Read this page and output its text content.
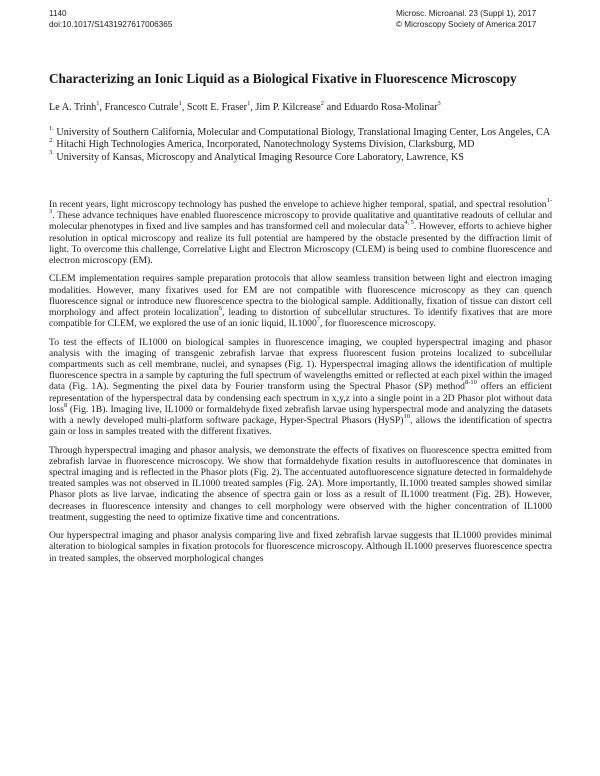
1140
doi:10.1017/S1431927617006365
Microsc. Microanal. 23 (Suppl 1), 2017
© Microscopy Society of America 2017
Characterizing an Ionic Liquid as a Biological Fixative in Fluorescence Microscopy
Le A. Trinh$^1$, Francesco Cutrale$^1$, Scott E. Fraser$^1$, Jim P. Kilcrease$^2$ and Eduardo Rosa-Molinar$^3$

$^{1.}$ University of Southern California, Molecular and Computational Biology, Translational Imaging Center, Los Angeles, CA

$^{2.}$ Hitachi High Technologies America, Incorporated, Nanotechnology Systems Division, Clarksburg, MD

$^{3.}$ University of Kansas, Microscopy and Analytical Imaging Resource Core Laboratory, Lawrence, KS

In recent years, light microscopy technology has pushed the envelope to achieve higher temporal, spatial, and spectral resolution$^{1-3}$. These advance techniques have enabled fluorescence microscopy to provide qualitative and quantitative readouts of cellular and molecular phenotypes in fixed and live samples and has transformed cell and molecular data$^{4, 5}$. However, efforts to achieve higher resolution in optical microscopy and realize its full potential are hampered by the obstacle presented by the diffraction limit of light. To overcome this challenge, Correlative Light and Electron Microscopy (CLEM) is being used to combine fluorescence and electron microscopy (EM).

CLEM implementation requires sample preparation protocols that allow seamless transition between light and electron imaging modalities. However, many fixatives used for EM are not compatible with fluorescence microscopy as they can quench fluorescence signal or introduce new fluorescence spectra to the biological sample. Additionally, fixation of tissue can distort cell morphology and affect protein localization$^6$, leading to distortion of subcellular structures. To identify fixatives that are more compatible for CLEM, we explored the use of an ionic liquid, IL1000$^7$, for fluorescence microscopy.

To test the effects of IL1000 on biological samples in fluorescence imaging, we coupled hyperspectral imaging and phasor analysis with the imaging of transgenic zebrafish larvae that express fluorescent fusion proteins localized to subcellular compartments such as cell membrane, nuclei, and synapses (Fig. 1). Hyperspectral imaging allows the identification of multiple fluorescence spectra in a sample by capturing the full spectrum of wavelengths emitted or reflected at each pixel within the imaged data (Fig. 1A). Segmenting the pixel data by Fourier transform using the Spectral Phasor (SP) method$^{8-10}$ offers an efficient representation of the hyperspectral data by condensing each spectrum in x,y,z into a single point in a 2D Phasor plot without data loss$^8$ (Fig. 1B). Imaging live, IL1000 or formaldehyde fixed zebrafish larvae using hyperspectral mode and analyzing the datasets with a newly developed multi-platform software package, Hyper-Spectral Phasors (HySP)$^{10}$, allows the identification of spectra gain or loss in samples treated with the different fixatives.

Through hyperspectral imaging and phasor analysis, we demonstrate the effects of fixatives on fluorescence spectra emitted from zebrafish larvae in fluorescence microscopy. We show that formaldehyde fixation results in autofluorescence that dominates in spectral imaging and is reflected in the Phasor plots (Fig. 2). The accentuated autofluorescence signature detected in formaldehyde treated samples was not observed in IL1000 treated samples (Fig. 2A). More importantly, IL1000 treated samples showed similar Phasor plots as live larvae, indicating the absence of spectra gain or loss as a result of IL1000 treatment (Fig. 2B). However, decreases in fluorescence intensity and changes to cell morphology were observed with the higher concentration of IL1000 treatment, suggesting the need to optimize fixative time and concentrations.

Our hyperspectral imaging and phasor analysis comparing live and fixed zebrafish larvae suggests that IL1000 provides minimal alteration to biological samples in fixation protocols for fluorescence microscopy. Although IL1000 preserves fluorescence spectra in treated samples, the observed morphological changes
